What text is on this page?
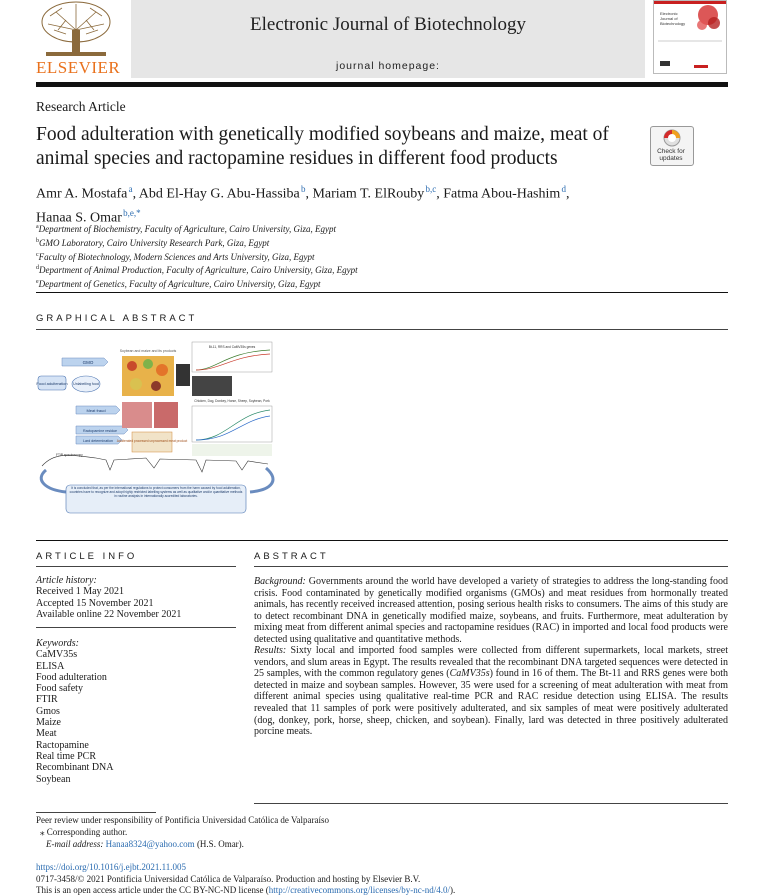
ELSEVIER
Electronic Journal of Biotechnology
journal homepage:
Electronic
Journal of
Biotechnology
Research Article
Food adulteration with genetically modified soybeans and maize, meat of animal species and ractopamine residues in different food products	Check for updates
Amr A. Mostafa $^a$, Abd El-Hay G. Abu-Hassiba $^b$, Mariam T. ElRouby $^{b,c}$, Fatma Abou-Hashim $^d$,
Hanaa S. Omar $^{b,e,*}$
$^a$Department of Biochemistry, Faculty of Agriculture, Cairo University, Giza, Egypt
$^b$GMO Laboratory, Cairo University Research Park, Giza, Egypt
$^c$Faculty of Biotechnology, Modern Sciences and Arts University, Giza, Egypt
$^d$Department of Animal Production, Faculty of Agriculture, Cairo University, Giza, Egypt
$^e$Department of Genetics, Faculty of Agriculture, Cairo University, Giza, Egypt
GRAPHICAL ABSTRACT
GMO
Food adulteration Unlabelling food
Meat fraud
Ractopamine residue
Lard determination
Soybean and maize and its products
Adulterated processed unprocessed meat product
Bt-11, RRS and CaMV35s genes
Chicken, Dog, Donkey, Horse, Sheep, Soybean, Pork
FTIR spectroscopy
It is concluded that, as per the international regulations to protect consumers from the harm caused by food adulteration, countries have to recognize and adopt highly restricted labelling systems as well as qualitative and/or quantitative methods in routine analysis in internationally accredited laboratories.
ARTICLE INFO
Article history:
Received 1 May 2021
Accepted 15 November 2021
Available online 22 November 2021
Keywords:
CaMV35s
ELISA
Food adulteration
Food safety
FTIR
Gmos
Maize
Meat
Ractopamine
Real time PCR
Recombinant DNA
Soybean
ABSTRACT

Background: Governments around the world have developed a variety of strategies to address the long-standing food crisis. Food contaminated by genetically modified organisms (GMOs) and meat residues from hormonally treated animals, has recently received increased attention, posing serious health risks to consumers. The aims of this study are to detect recombinant DNA in genetically modified maize, soybeans, and fruits. Furthermore, meat adulteration by mixing meat from different animal species and ractopamine residues (RAC) in imported and local food products were detected using qualitative and quantitative methods.

Results: Sixty local and imported food samples were collected from different supermarkets, local markets, street vendors, and slum areas in Egypt. The results revealed that the recombinant DNA targeted sequences were detected in 25 samples, with the common regulatory genes (CaMV35s) found in 16 of them. The Bt-11 and RRS genes were both detected in maize and soybean samples. However, 35 were used for a screening of meat adulteration with meat from different animal species using qualitative real-time PCR and RAC residue detection using ELISA. The results revealed that 11 samples of pork were positively adulterated, and six samples of meat were positively adulterated (dog, donkey, pork, horse, sheep, chicken, and soybean). Finally, lard was detected in three positively adulterated porcine meats.

Peer review under responsibility of Pontificia Universidad Católica de Valparaíso
⁎ Corresponding author.
E-mail address: Hanaa8324@yahoo.com (H.S. Omar).
https://doi.org/10.1016/j.ejbt.2021.11.005
0717-3458/© 2021 Pontificia Universidad Católica de Valparaíso. Production and hosting by Elsevier B.V.
This is an open access article under the CC BY-NC-ND license (http://creativecommons.org/licenses/by-nc-nd/4.0/).
